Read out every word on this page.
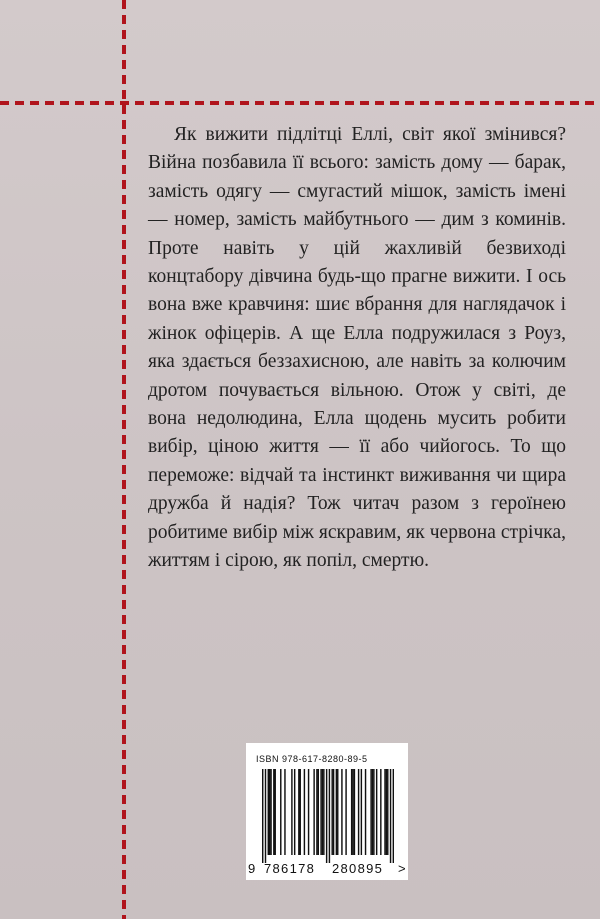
Як вижити підлітці Еллі, світ якої змінився? Війна позбавила її всього: замість дому — барак, замість одягу — смугастий мішок, замість імені — номер, замість майбутнього — дим з коминів. Проте навіть у цій жахливій безвиході концтабору дівчина будь-що прагне вижити. І ось вона вже кравчиня: шиє вбрання для наглядачок і жінок офіцерів. А ще Елла подружилася з Роуз, яка здається беззахисною, але навіть за колючим дротом почувається вільною. Отож у світі, де вона недолюдина, Елла щодень мусить робити вибір, ціною життя — її або чийогось. То що переможе: відчай та інстинкт виживання чи щира дружба й надія? Тож читач разом з героїнею робитиме вибір між яскравим, як червона стрічка, життям і сірою, як попіл, смертю.

ISBN 978-617-8280-89-5
9 786178 280895 >
